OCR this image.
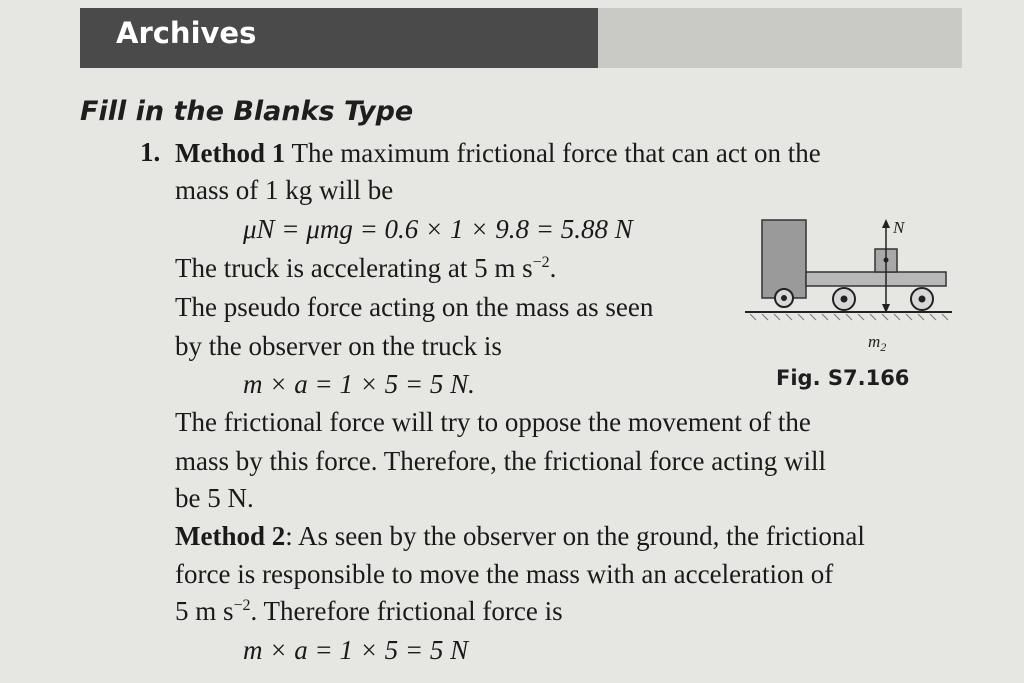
Archives
Fill in the Blanks Type
1. Method 1 The maximum frictional force that can act on the
mass of 1 kg will be
μN = μmg = 0.6 × 1 × 9.8 = 5.88 N
The truck is accelerating at 5 m $s^{-2}$.
The pseudo force acting on the mass as seen
by the observer on the truck is
m × a = 1 × 5 = 5 N.
The frictional force will try to oppose the movement of the
mass by this force. Therefore, the frictional force acting will
be 5 N.
Method 2: As seen by the observer on the ground, the frictional
force is responsible to move the mass with an acceleration of
5 m $s^{-2}$. Therefore frictional force is
m × a = 1 × 5 = 5 N
N
$m_2$
Fig. S7.166
